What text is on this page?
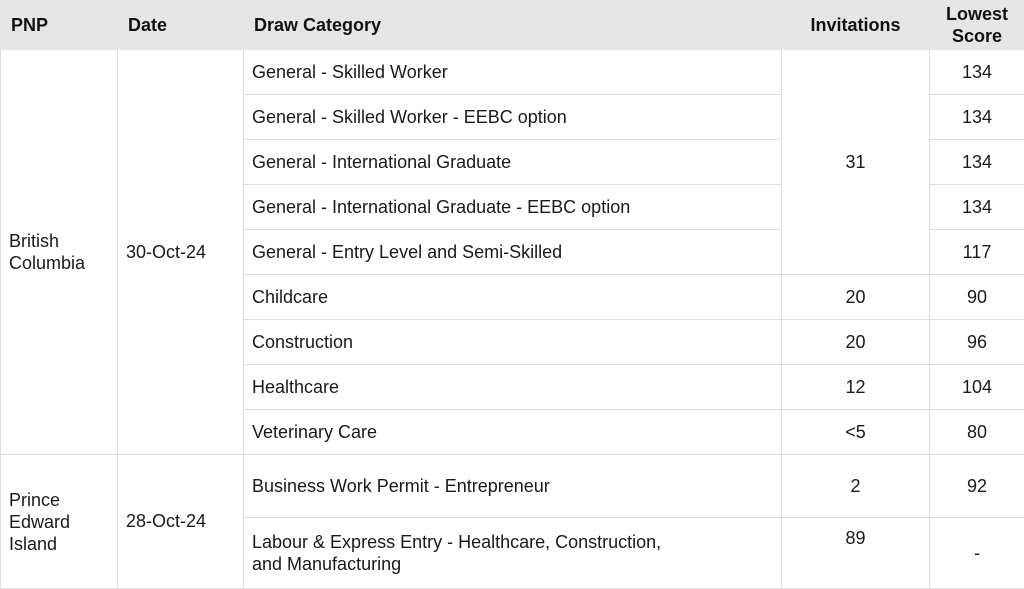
PNP	Date	Draw Category	Invitations	Lowest
Score
British
Columbia	30-Oct-24	General - Skilled Worker	31	134
		General - Skilled Worker - EEBC option		134
		General - International Graduate		134
		General - International Graduate - EEBC option		134
		General - Entry Level and Semi-Skilled		117
		Childcare	20	90
		Construction	20	96
		Healthcare	12	104
		Veterinary Care	<5	80
Prince
Edward
Island	28-Oct-24	Business Work Permit - Entrepreneur	2	92
		Labour & Express Entry - Healthcare, Construction,
and Manufacturing	89	-
